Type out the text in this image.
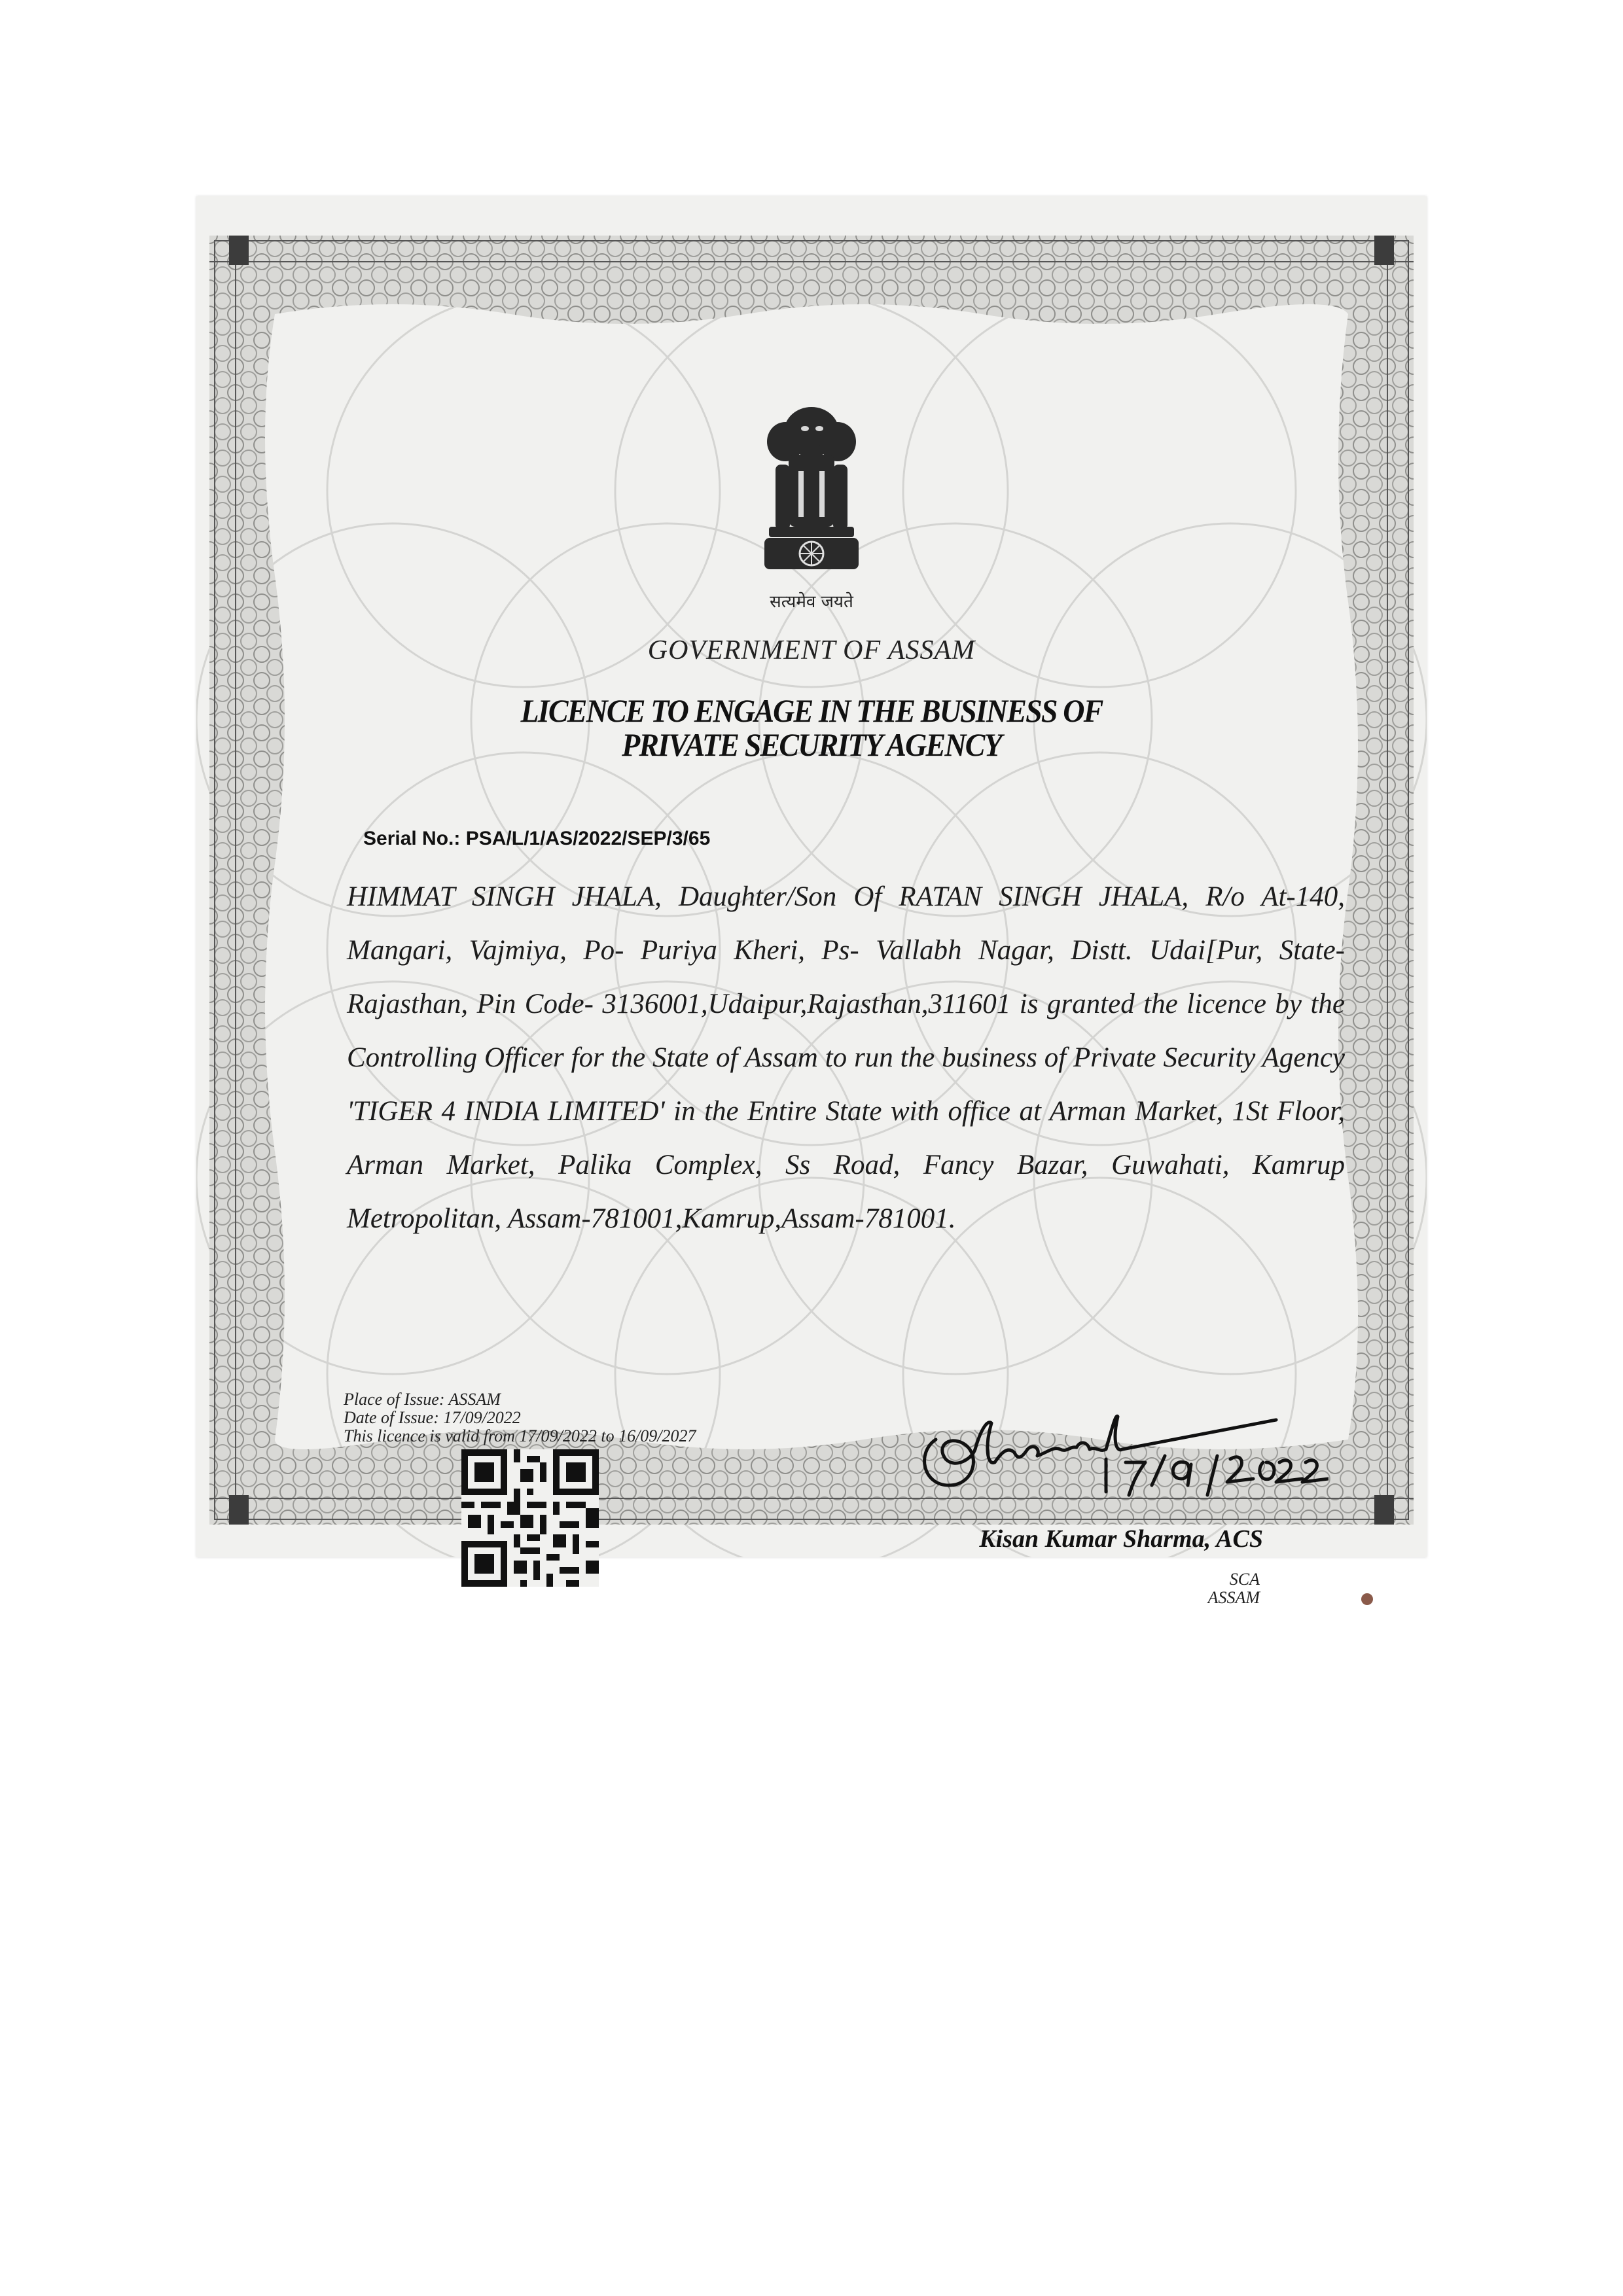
सत्यमेव जयते
GOVERNMENT OF ASSAM
LICENCE TO ENGAGE IN THE BUSINESS OF
PRIVATE SECURITY AGENCY
Serial No.: PSA/L/1/AS/2022/SEP/3/65
HIMMAT SINGH JHALA, Daughter/Son Of RATAN SINGH JHALA, R/o At-140, Mangari, Vajmiya, Po- Puriya Kheri, Ps- Vallabh Nagar, Distt. Udai[Pur, State- Rajasthan, Pin Code- 3136001,Udaipur,Rajasthan,311601 is granted the licence by the Controlling Officer for the State of Assam to run the business of Private Security Agency 'TIGER 4 INDIA LIMITED' in the Entire State with office at Arman Market, 1St Floor, Arman Market, Palika Complex, Ss Road, Fancy Bazar, Guwahati, Kamrup Metropolitan, Assam-781001,Kamrup,Assam-781001.
Place of Issue: ASSAM
Date of Issue: 17/09/2022
This licence is valid from 17/09/2022 to 16/09/2027
Kisan Kumar Sharma, ACS
SCA
ASSAM
